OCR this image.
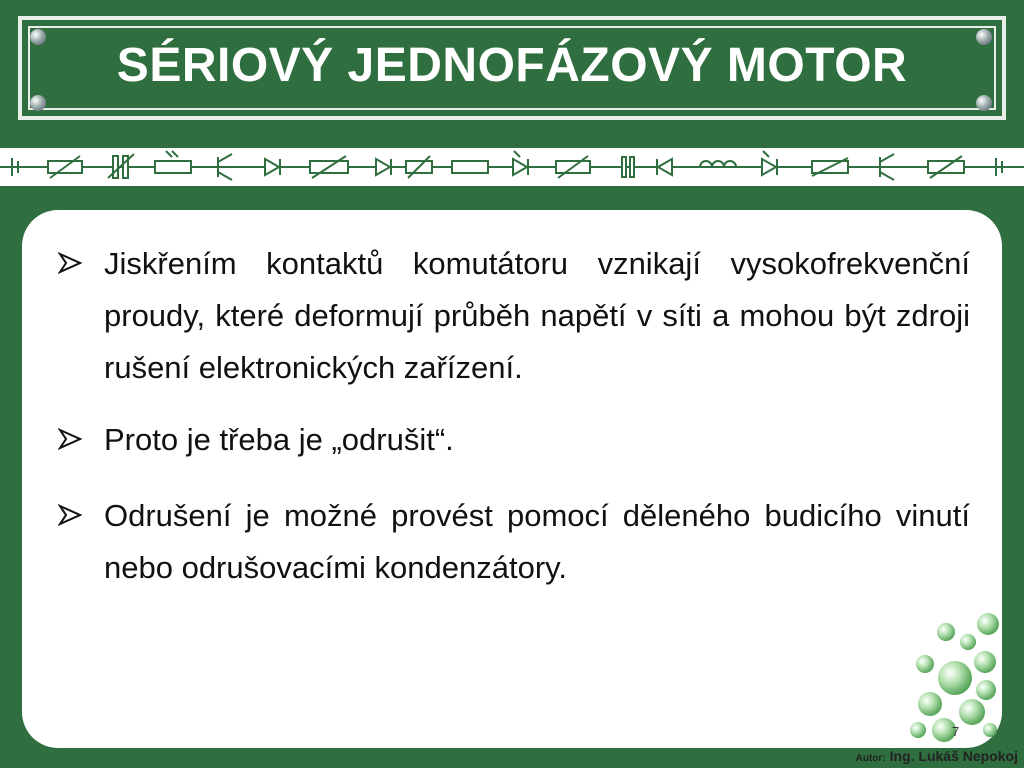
SÉRIOVÝ JEDNOFÁZOVÝ MOTOR
Jiskřením kontaktů komutátoru vznikají vysokofrekvenční proudy, které deformují průběh napětí v síti a mohou být zdroji rušení elektronických zařízení.
Proto je třeba je „odrušit“.
Odrušení je možné provést pomocí děleného budicího vinutí nebo odrušovacími kondenzátory.
7
Autor: Ing. Lukáš Nepokoj
